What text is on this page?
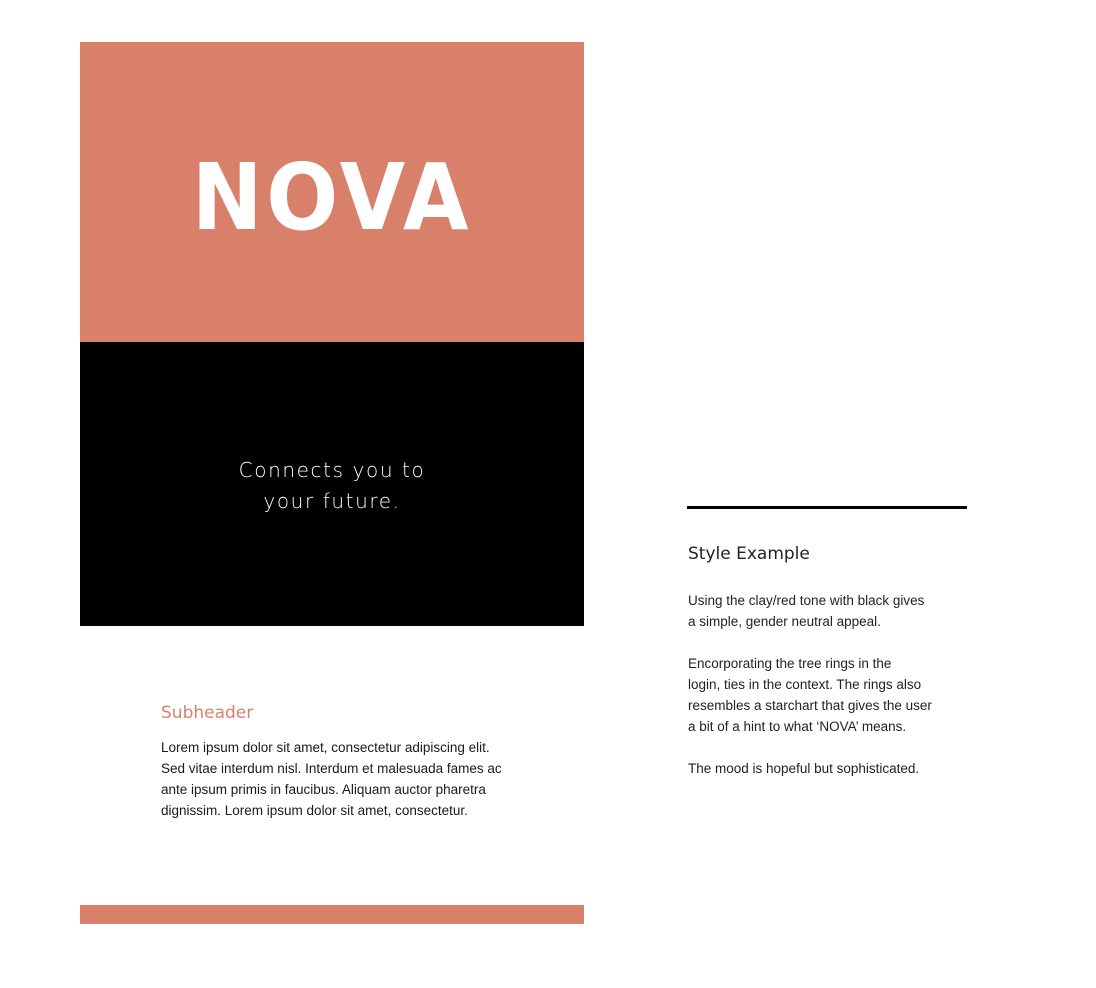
NOVA
Connects you to
your future.
Subheader
Lorem ipsum dolor sit amet, consectetur adipiscing elit.
Sed vitae interdum nisl. Interdum et malesuada fames ac
ante ipsum primis in faucibus. Aliquam auctor pharetra
dignissim. Lorem ipsum dolor sit amet, consectetur.
Style Example

Using the clay/red tone with black gives
a simple, gender neutral appeal.

Encorporating the tree rings in the
login, ties in the context. The rings also
resembles a starchart that gives the user
a bit of a hint to what ‘NOVA’ means.

The mood is hopeful but sophisticated.
